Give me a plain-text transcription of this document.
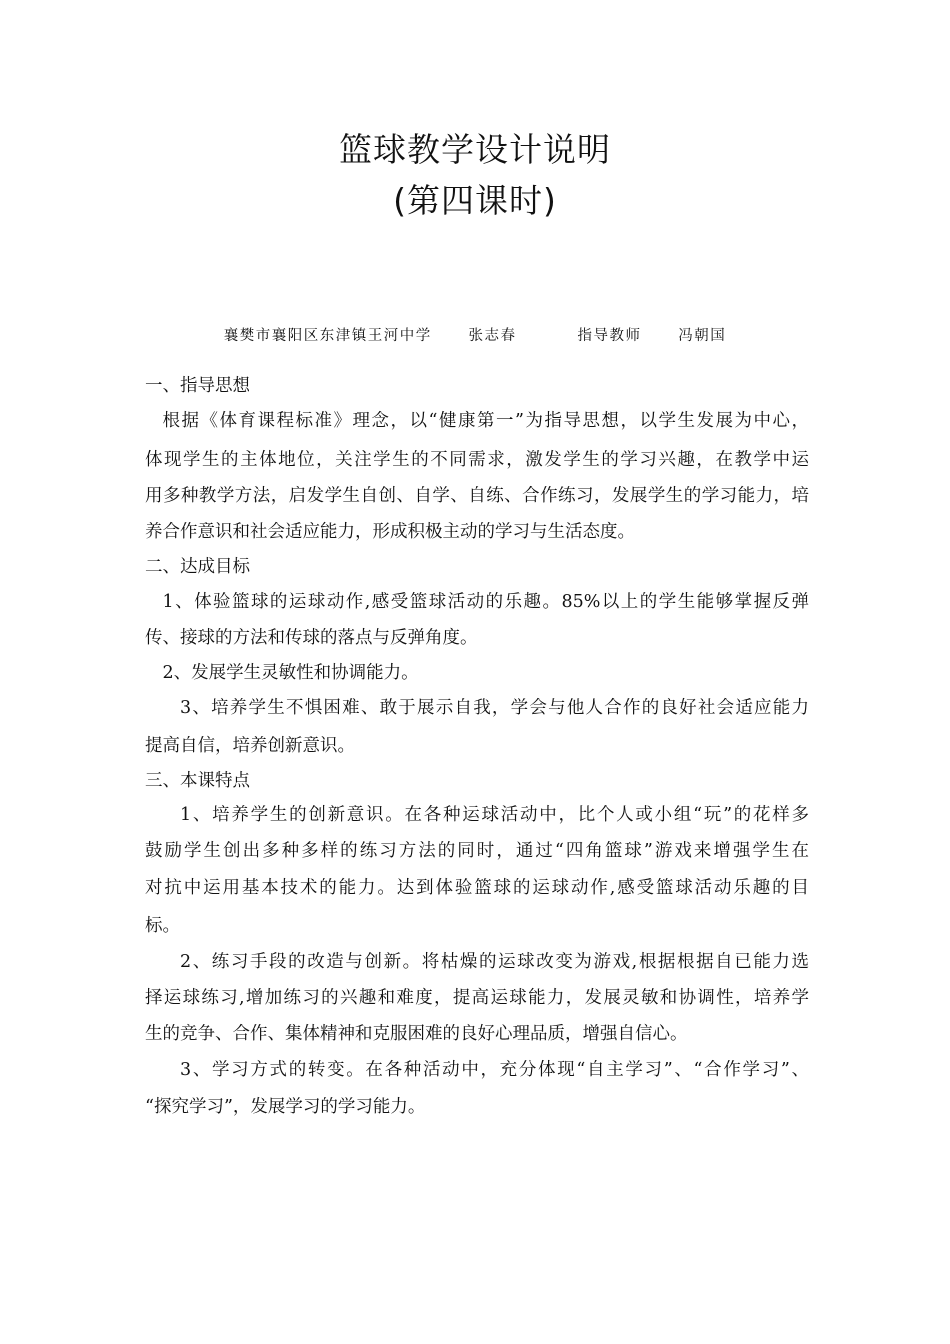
篮球教学设计说明
(第四课时)
襄樊市襄阳区东津镇王河中学      张志春          指导教师      冯朝国
一、指导思想
根据《体育课程标准》理念，以“健康第一”为指导思想，以学生发展为中心，
体现学生的主体地位，关注学生的不同需求，激发学生的学习兴趣，在教学中运
用多种教学方法，启发学生自创、自学、自练、合作练习，发展学生的学习能力，培
养合作意识和社会适应能力，形成积极主动的学习与生活态度。
二、达成目标
1、体验篮球的运球动作,感受篮球活动的乐趣。85%以上的学生能够掌握反弹
传、接球的方法和传球的落点与反弹角度。
2、发展学生灵敏性和协调能力。
3、培养学生不惧困难、敢于展示自我，学会与他人合作的良好社会适应能力
提高自信，培养创新意识。
三、本课特点
1、培养学生的创新意识。在各种运球活动中，比个人或小组“玩”的花样多
鼓励学生创出多种多样的练习方法的同时，通过“四角篮球”游戏来增强学生在
对抗中运用基本技术的能力。达到体验篮球的运球动作,感受篮球活动乐趣的目
标。
2、练习手段的改造与创新。将枯燥的运球改变为游戏,根据根据自已能力选
择运球练习,增加练习的兴趣和难度，提高运球能力，发展灵敏和协调性，培养学
生的竞争、合作、集体精神和克服困难的良好心理品质，增强自信心。
3、学习方式的转变。在各种活动中，充分体现“自主学习”、“合作学习”、
“探究学习”，发展学习的学习能力。
